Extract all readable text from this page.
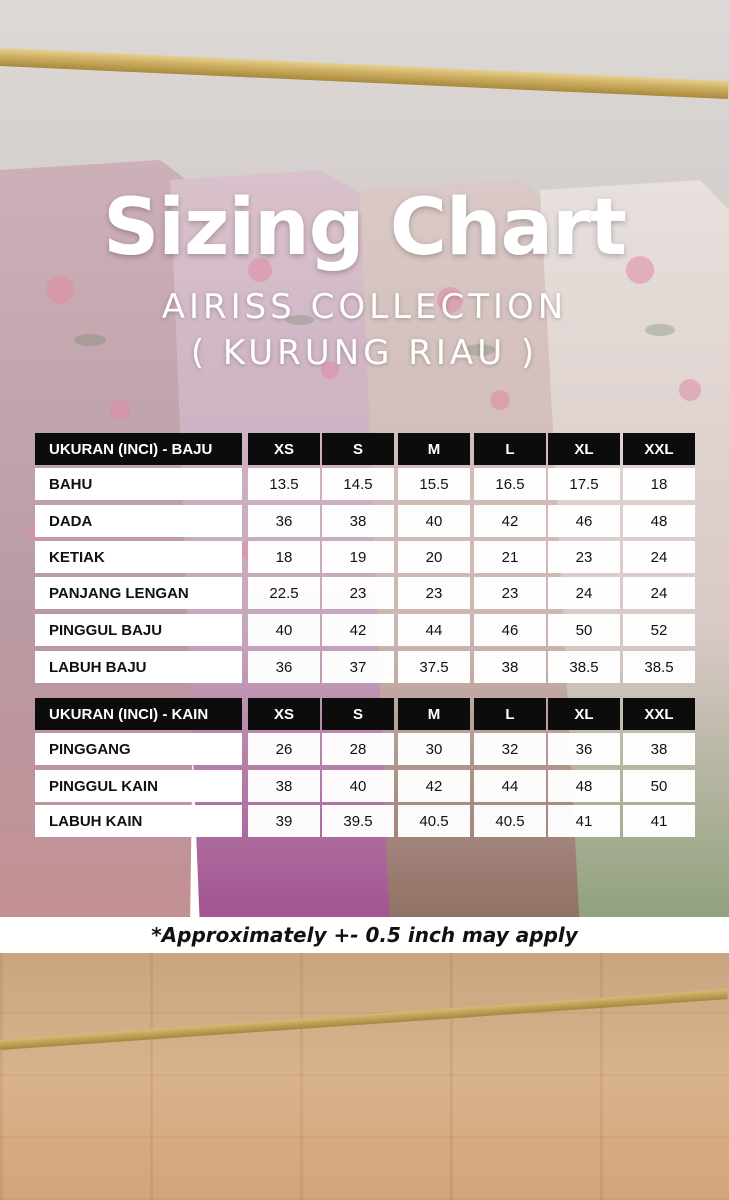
Sizing Chart
AIRISS COLLECTION
( KURUNG RIAU )
UKURAN (INCI) - BAJU	XS	S	M	L	XL	XXL
BAHU	13.5	14.5	15.5	16.5	17.5	18
DADA	36	38	40	42	46	48
KETIAK	18	19	20	21	23	24
PANJANG LENGAN	22.5	23	23	23	24	24
PINGGUL BAJU	40	42	44	46	50	52
LABUH BAJU	36	37	37.5	38	38.5	38.5
UKURAN (INCI) - KAIN	XS	S	M	L	XL	XXL
PINGGANG	26	28	30	32	36	38
PINGGUL KAIN	38	40	42	44	48	50
LABUH KAIN	39	39.5	40.5	40.5	41	41
*Approximately +- 0.5 inch may apply
